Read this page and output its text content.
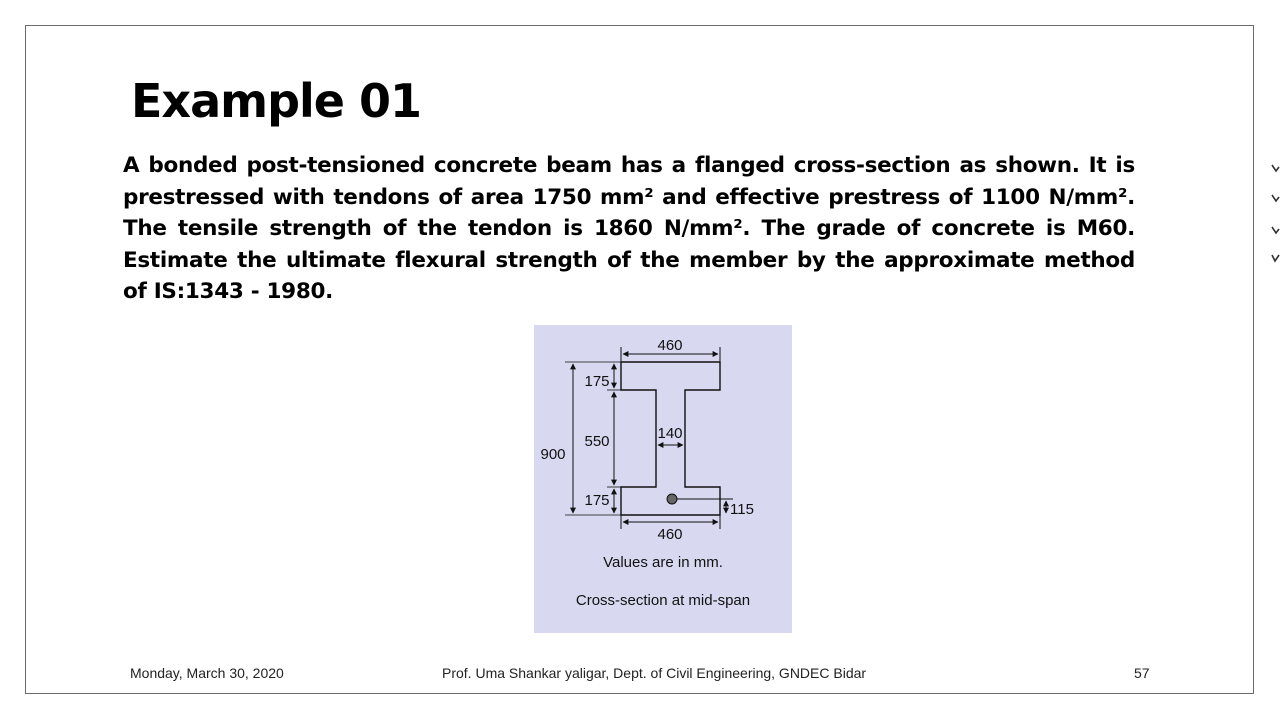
Example 01

A bonded post-tensioned concrete beam has a flanged cross-section as shown. It is prestressed with tendons of area 1750 mm² and effective prestress of 1100 N/mm². The tensile strength of the tendon is 1860 N/mm². The grade of concrete is M60. Estimate the ultimate flexural strength of the member by the approximate method of IS:1343 - 1980.

460
460
900
175
550
175
140
115
Values are in mm.
Cross-section at mid-span
Monday, March 30, 2020	Prof. Uma Shankar yaligar, Dept. of Civil Engineering, GNDEC Bidar	57
